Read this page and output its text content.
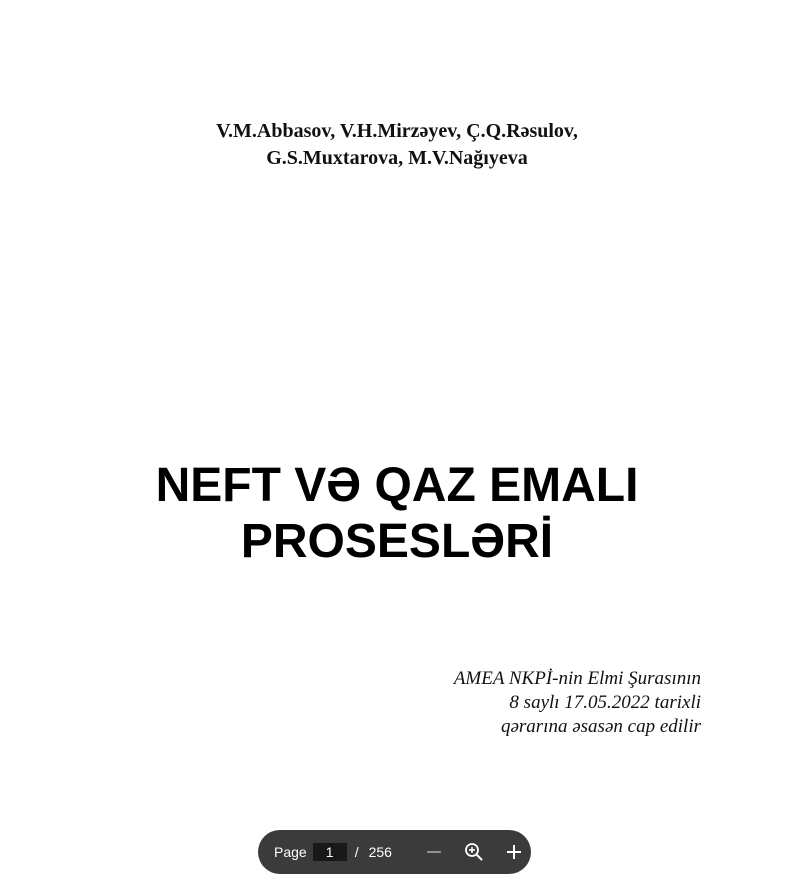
V.M.Abbasov, V.H.Mirzəyev, Ç.Q.Rəsulov,
G.S.Muxtarova, M.V.Nağıyeva
NEFT VƏ QAZ EMALI
PROSESLƏRİ
AMEA NKPİ-nin Elmi Şurasının
8 saylı 17.05.2022 tarixli
qərarına əsasən cap edilir
Page
1	/ 256
